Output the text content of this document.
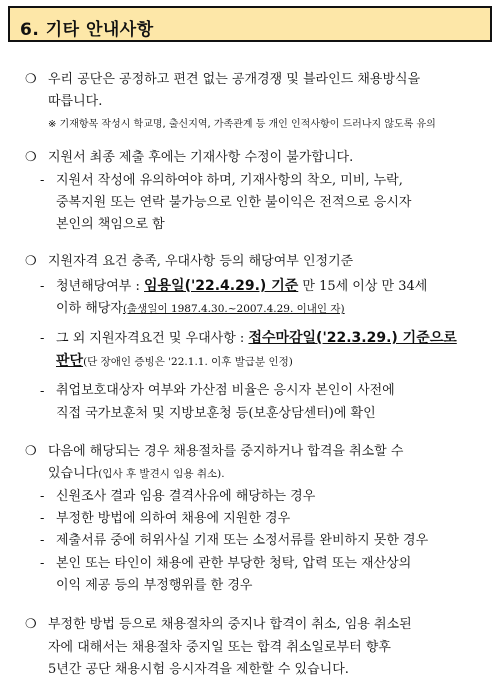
6. 기타 안내사항
❍ 우리 공단은 공정하고 편견 없는 공개경쟁 및 블라인드 채용방식을
따릅니다.
※ 기재항목 작성시 학교명, 출신지역, 가족관계 등 개인 인적사항이 드러나지 않도록 유의
❍ 지원서 최종 제출 후에는 기재사항 수정이 불가합니다.
- 지원서 작성에 유의하여야 하며, 기재사항의 착오, 미비, 누락,
중복지원 또는 연락 불가능으로 인한 불이익은 전적으로 응시자
본인의 책임으로 함
❍ 지원자격 요건 충족, 우대사항 등의 해당여부 인정기준
- 청년해당여부 : 임용일('22.4.29.) 기준 만 15세 이상 만 34세
이하 해당자(출생일이 1987.4.30.~2007.4.29. 이내인 자)
- 그 외 지원자격요건 및 우대사항 : 접수마감일('22.3.29.) 기준으로
판단(단 장애인 증빙은 '22.1.1. 이후 발급분 인정)
- 취업보호대상자 여부와 가산점 비율은 응시자 본인이 사전에
직접 국가보훈처 및 지방보훈청 등(보훈상담센터)에 확인
❍ 다음에 해당되는 경우 채용절차를 중지하거나 합격을 취소할 수
있습니다(입사 후 발견시 임용 취소).
- 신원조사 결과 임용 결격사유에 해당하는 경우
- 부정한 방법에 의하여 채용에 지원한 경우
- 제출서류 중에 허위사실 기재 또는 소정서류를 완비하지 못한 경우
- 본인 또는 타인이 채용에 관한 부당한 청탁, 압력 또는 재산상의
이익 제공 등의 부정행위를 한 경우
❍ 부정한 방법 등으로 채용절차의 중지나 합격이 취소, 임용 취소된
자에 대해서는 채용절차 중지일 또는 합격 취소일로부터 향후
5년간 공단 채용시험 응시자격을 제한할 수 있습니다.
